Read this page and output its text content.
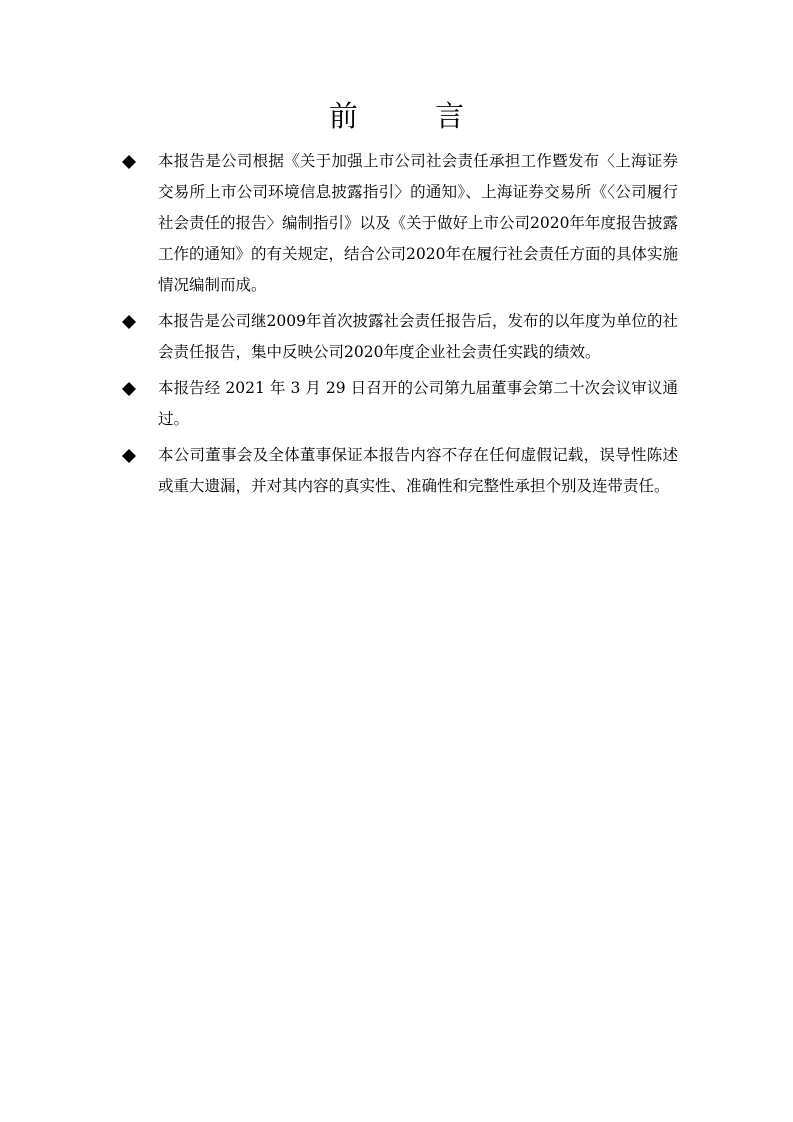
前 言
本报告是公司根据《关于加强上市公司社会责任承担工作暨发布〈上海证券交易所上市公司环境信息披露指引〉的通知》、上海证券交易所《〈公司履行社会责任的报告〉编制指引》以及《关于做好上市公司2020年年度报告披露工作的通知》的有关规定，结合公司2020年在履行社会责任方面的具体实施情况编制而成。
本报告是公司继2009年首次披露社会责任报告后，发布的以年度为单位的社会责任报告，集中反映公司2020年度企业社会责任实践的绩效。
本报告经 2021 年 3 月 29 日召开的公司第九届董事会第二十次会议审议通过。
本公司董事会及全体董事保证本报告内容不存在任何虚假记载，误导性陈述或重大遗漏，并对其内容的真实性、准确性和完整性承担个别及连带责任。
